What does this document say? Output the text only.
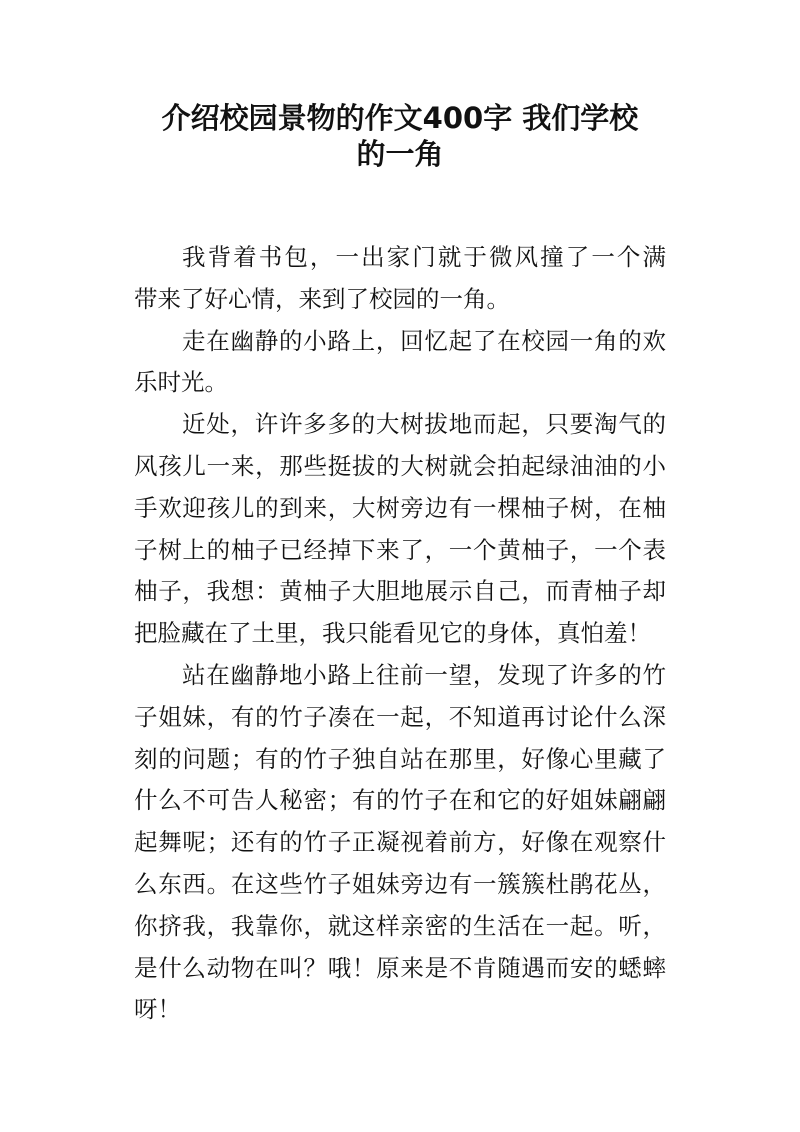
介绍校园景物的作文400字 我们学校
的一角
我背着书包，一出家门就于微风撞了一个满
带来了好心情，来到了校园的一角。
走在幽静的小路上，回忆起了在校园一角的欢
乐时光。
近处，许许多多的大树拔地而起，只要淘气的
风孩儿一来，那些挺拔的大树就会拍起绿油油的小
手欢迎孩儿的到来，大树旁边有一棵柚子树，在柚
子树上的柚子已经掉下来了，一个黄柚子，一个表
柚子，我想：黄柚子大胆地展示自己，而青柚子却
把脸藏在了土里，我只能看见它的身体，真怕羞！
站在幽静地小路上往前一望，发现了许多的竹
子姐妹，有的竹子凑在一起，不知道再讨论什么深
刻的问题；有的竹子独自站在那里，好像心里藏了
什么不可告人秘密；有的竹子在和它的好姐妹翩翩
起舞呢；还有的竹子正凝视着前方，好像在观察什
么东西。在这些竹子姐妹旁边有一簇簇杜鹃花丛，
你挤我，我靠你，就这样亲密的生活在一起。听，
是什么动物在叫？哦！原来是不肯随遇而安的蟋蟀
呀！
